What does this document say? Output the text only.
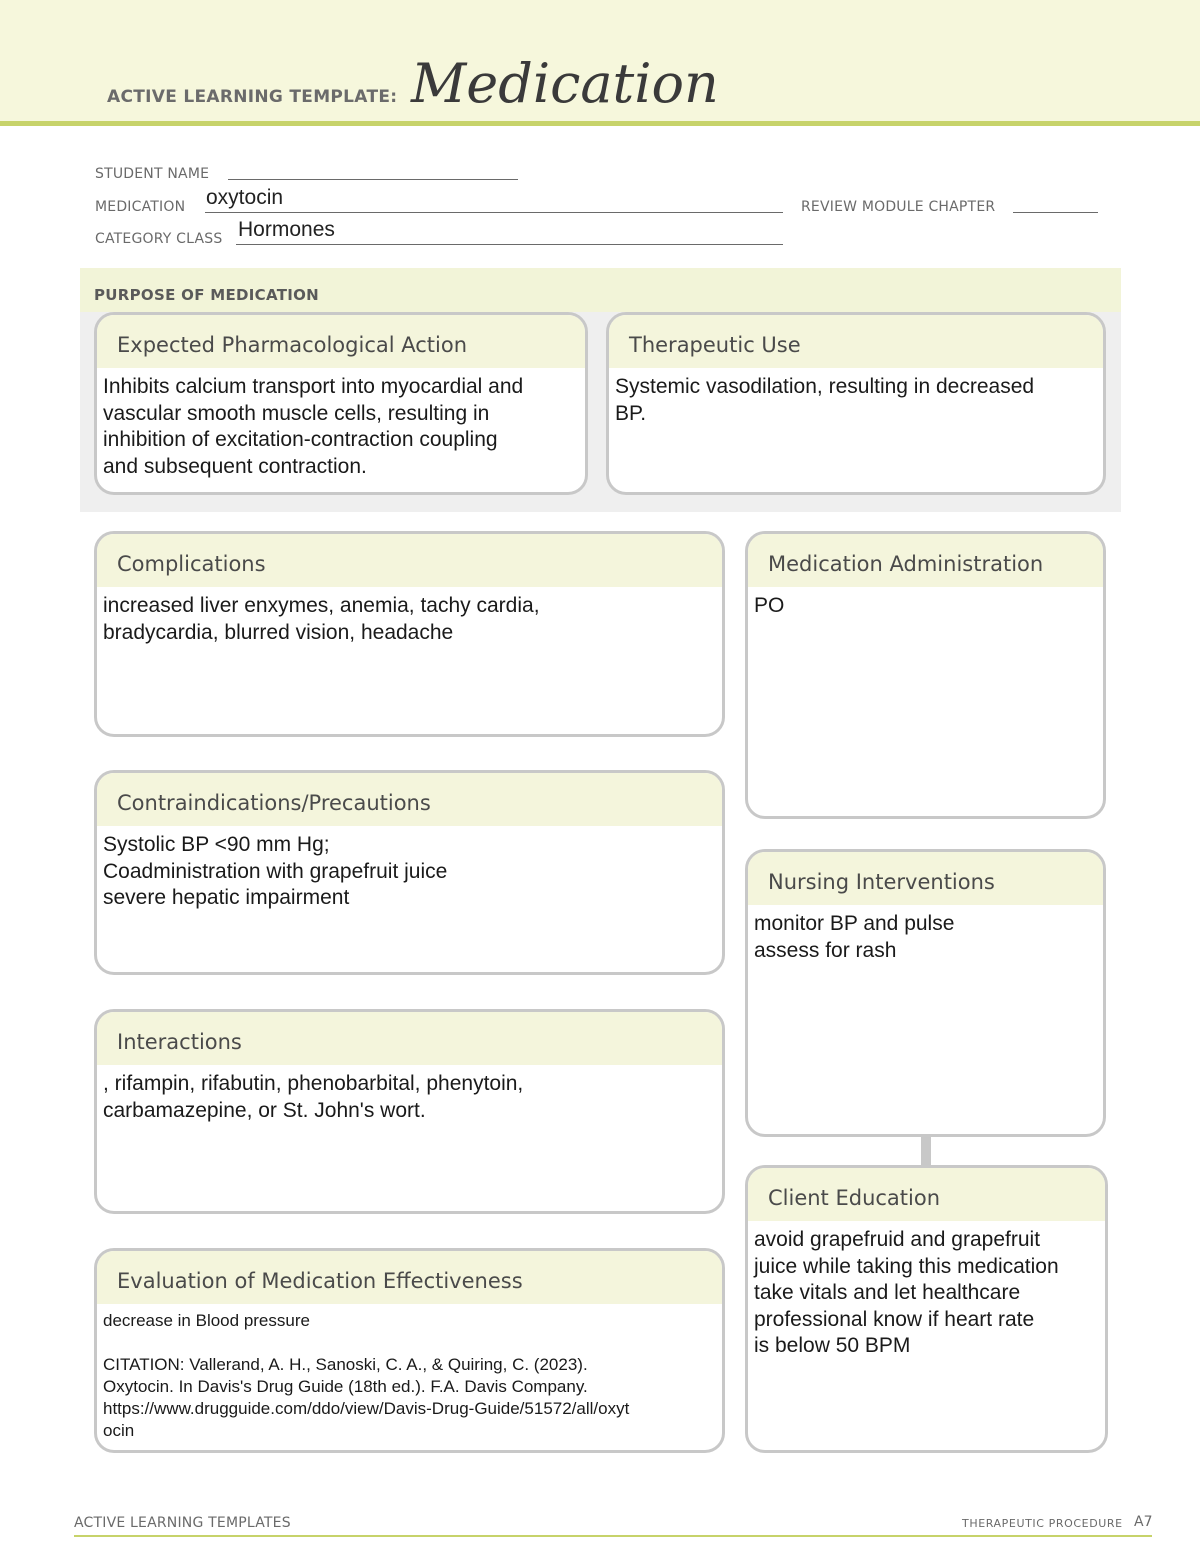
ACTIVE LEARNING TEMPLATE: Medication
STUDENT NAME
MEDICATION oxytocin	REVIEW MODULE CHAPTER
CATEGORY CLASS Hormones
PURPOSE OF MEDICATION
Expected Pharmacological Action
Inhibits calcium transport into myocardial and
vascular smooth muscle cells, resulting in
inhibition of excitation-contraction coupling
and subsequent contraction.
Therapeutic Use
Systemic vasodilation, resulting in decreased
BP.
Complications
increased liver enxymes, anemia, tachy cardia,
bradycardia, blurred vision, headache
Contraindications/Precautions
Systolic BP <90 mm Hg;
Coadministration with grapefruit juice
severe hepatic impairment
Interactions
, rifampin, rifabutin, phenobarbital, phenytoin,
carbamazepine, or St. John's wort.
Evaluation of Medication Effectiveness
decrease in Blood pressure

CITATION: Vallerand, A. H., Sanoski, C. A., & Quiring, C. (2023).
Oxytocin. In Davis's Drug Guide (18th ed.). F.A. Davis Company.
https://www.drugguide.com/ddo/view/Davis-Drug-Guide/51572/all/oxyt
ocin
Medication Administration
PO
Nursing Interventions
monitor BP and pulse
assess for rash
Client Education
avoid grapefruid and grapefruit
juice while taking this medication
take vitals and let healthcare
professional know if heart rate
is below 50 BPM
ACTIVE LEARNING TEMPLATES	THERAPEUTIC PROCEDURE A7
